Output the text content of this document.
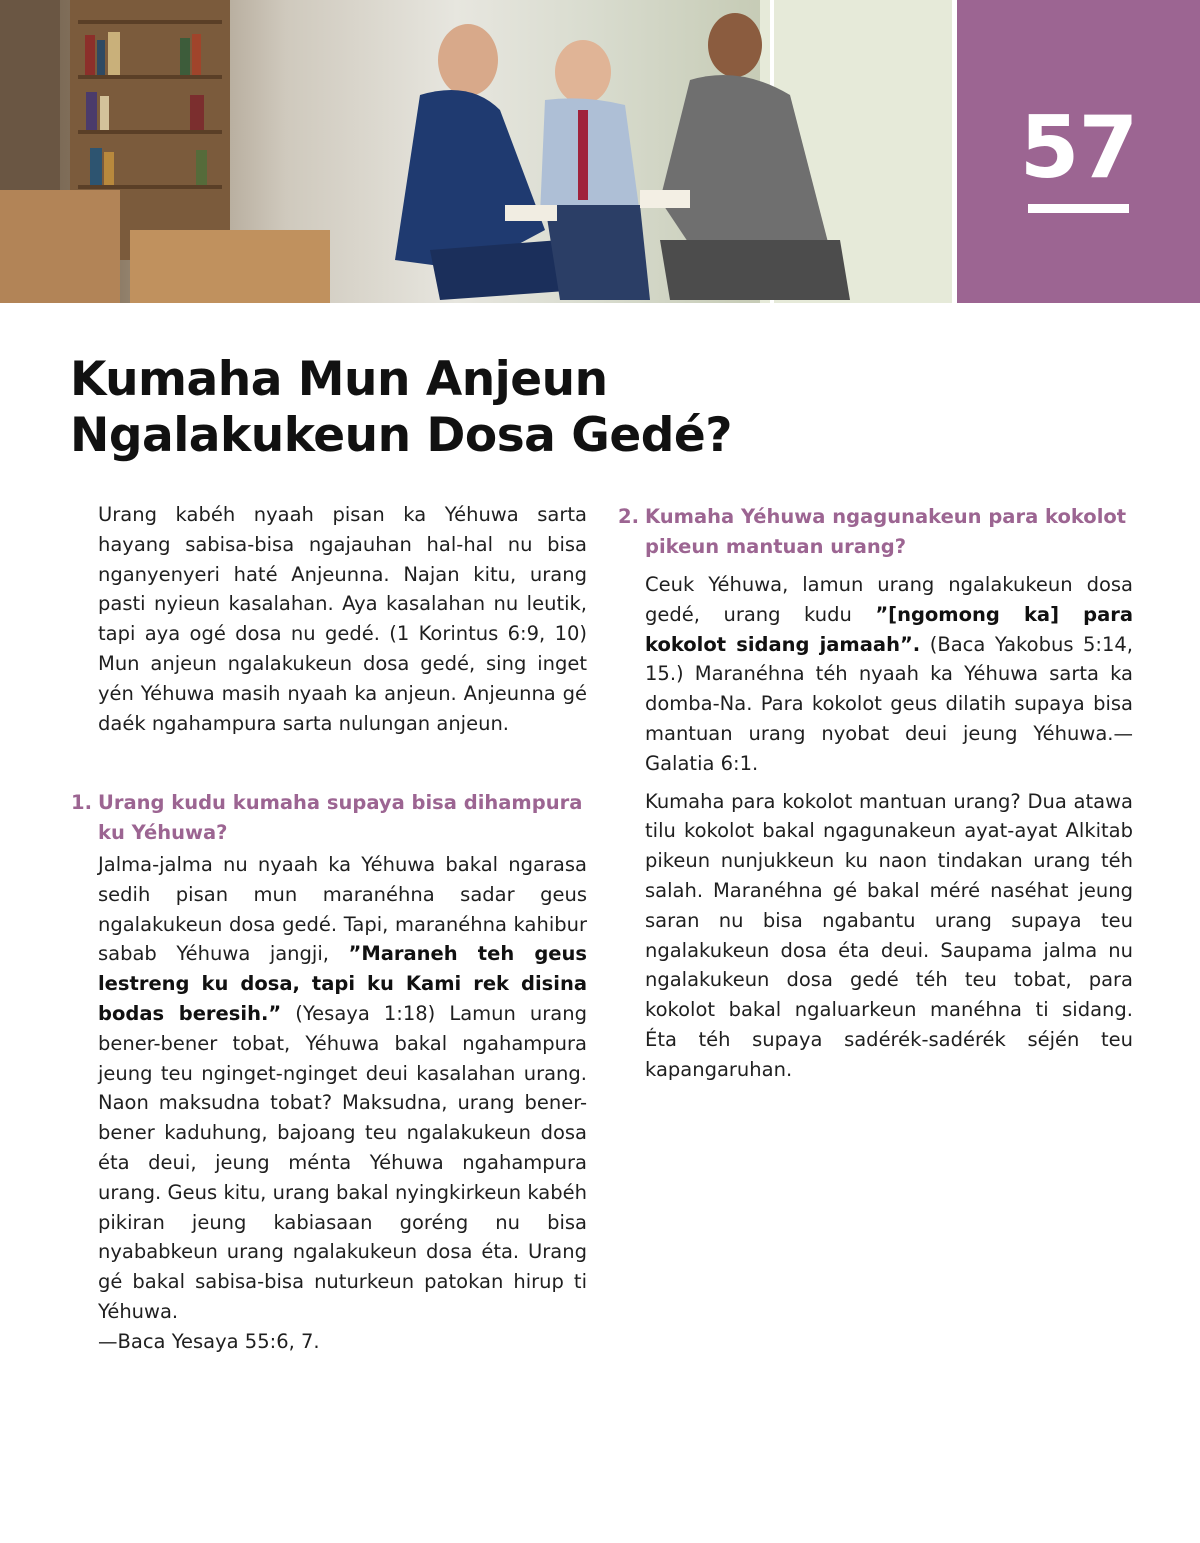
57
Kumaha Mun Anjeun
Ngalakukeun Dosa Gedé?

Urang kabéh nyaah pisan ka Yéhuwa sarta hayang sabisa-bisa ngajauhan hal-hal nu bisa nganyenyeri haté Anjeunna. Najan kitu, urang pasti nyieun kasalahan. Aya kasalahan nu leutik, tapi aya ogé dosa nu gedé. (1 Korintus 6:9, 10) Mun anjeun ngalakukeun dosa gedé, sing inget yén Yéhuwa masih nyaah ka anjeun. Anjeunna gé daék ngahampura sarta nulungan anjeun.

1. Urang kudu kumaha supaya bisa dihampura
ku Yéhuwa?

Jalma-jalma nu nyaah ka Yéhuwa bakal ngarasa sedih pisan mun maranéhna sadar geus ngalakukeun dosa gedé. Tapi, maranéhna kahibur sabab Yéhuwa jangji, ”Maraneh teh geus lestreng ku dosa, tapi ku Kami rek disina bodas beresih.” (Yesaya 1:18) Lamun urang bener-bener tobat, Yéhuwa bakal ngahampura jeung teu nginget-nginget deui kasalahan urang. Naon maksudna tobat? Maksudna, urang bener-bener kaduhung, bajoang teu ngalakukeun dosa éta deui, jeung ménta Yéhuwa ngahampura urang. Geus kitu, urang bakal nyingkirkeun kabéh pikiran jeung kabiasaan goréng nu bisa nyababkeun urang ngalakukeun dosa éta. Urang gé bakal sabisa-bisa nuturkeun patokan hirup ti Yéhuwa.

—Baca Yesaya 55:6, 7.

2. Kumaha Yéhuwa ngagunakeun para kokolot
pikeun mantuan urang?

Ceuk Yéhuwa, lamun urang ngalakukeun dosa gedé, urang kudu ”[ngomong ka] para kokolot sidang jamaah”. (Baca Yakobus 5:14, 15.) Maranéhna téh nyaah ka Yéhuwa sarta ka domba-Na. Para kokolot geus dilatih supaya bisa mantuan urang nyobat deui jeung Yéhuwa.—Galatia 6:1.

Kumaha para kokolot mantuan urang? Dua atawa tilu kokolot bakal ngagunakeun ayat-ayat Alkitab pikeun nunjukkeun ku naon tindakan urang téh salah. Maranéhna gé bakal méré naséhat jeung saran nu bisa ngabantu urang supaya teu ngalakukeun dosa éta deui. Saupama jalma nu ngalakukeun dosa gedé téh teu tobat, para kokolot bakal ngaluarkeun manéhna ti sidang. Éta téh supaya sadérék-sadérék séjén teu kapangaruhan.
